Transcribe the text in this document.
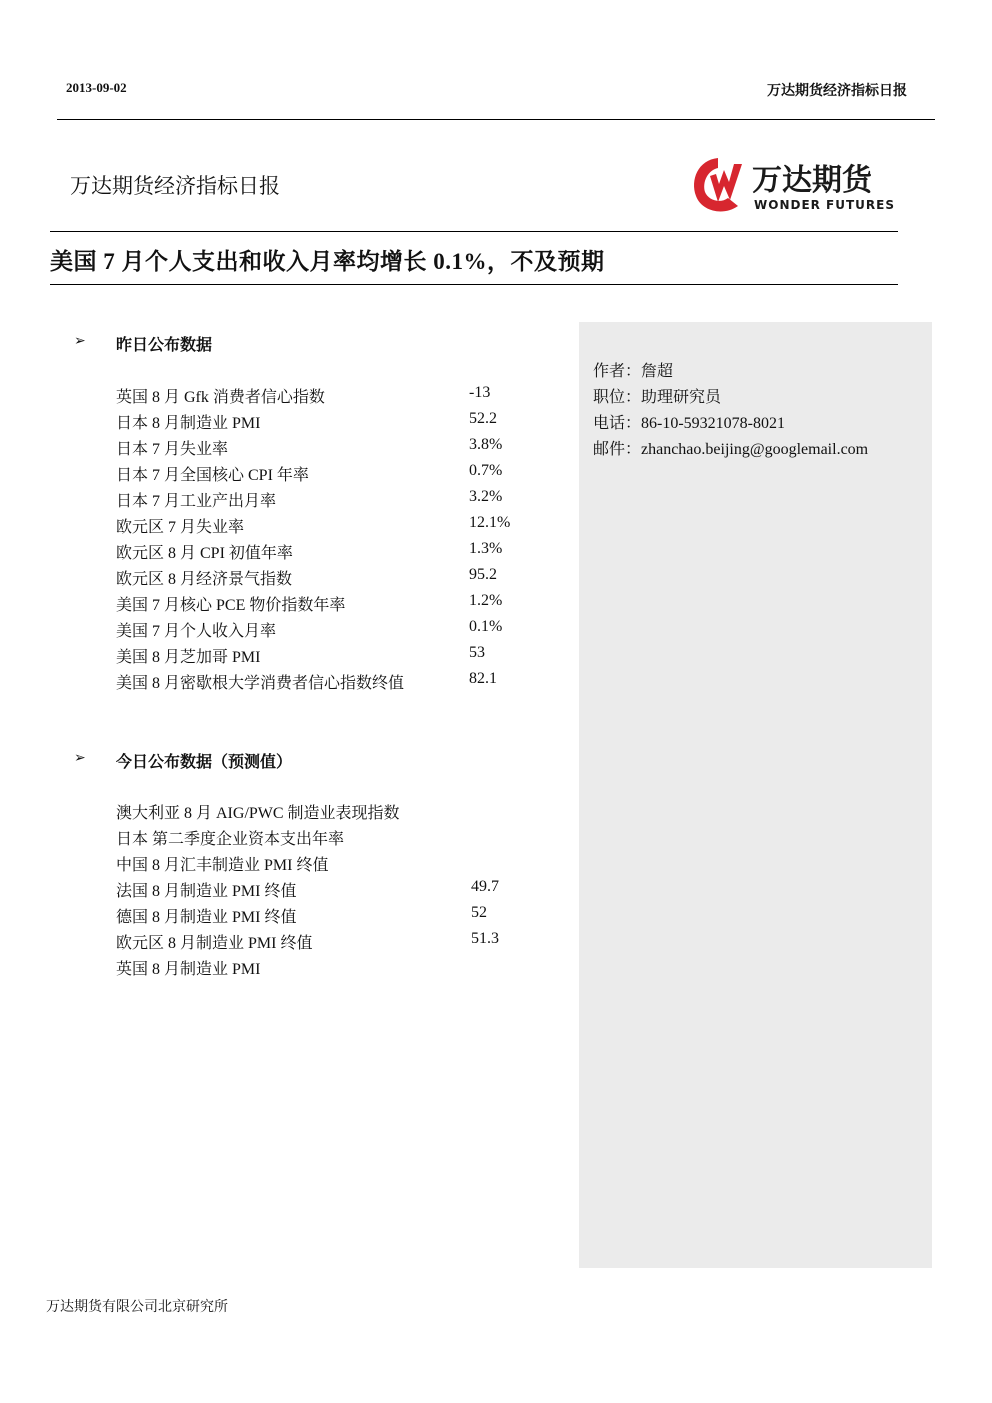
2013-09-02	万达期货经济指标日报
万达期货经济指标日报	万达期货
WONDER FUTURES
美国 7 月个人支出和收入月率均增长 0.1%，不及预期
作者：詹超
职位：助理研究员
电话：86-10-59321078-8021
邮件：zhanchao.beijing@googlemail.com
➢ 昨日公布数据
英国 8 月 Gfk 消费者信心指数	-13
日本 8 月制造业 PMI	52.2
日本 7 月失业率	3.8%
日本 7 月全国核心 CPI 年率	0.7%
日本 7 月工业产出月率	3.2%
欧元区 7 月失业率	12.1%
欧元区 8 月 CPI 初值年率	1.3%
欧元区 8 月经济景气指数	95.2
美国 7 月核心 PCE 物价指数年率	1.2%
美国 7 月个人收入月率	0.1%
美国 8 月芝加哥 PMI	53
美国 8 月密歇根大学消费者信心指数终值	82.1
➢ 今日公布数据（预测值）
澳大利亚 8 月 AIG/PWC 制造业表现指数
日本 第二季度企业资本支出年率
中国 8 月汇丰制造业 PMI 终值
法国 8 月制造业 PMI 终值	49.7
德国 8 月制造业 PMI 终值	52
欧元区 8 月制造业 PMI 终值	51.3
英国 8 月制造业 PMI
万达期货有限公司北京研究所
